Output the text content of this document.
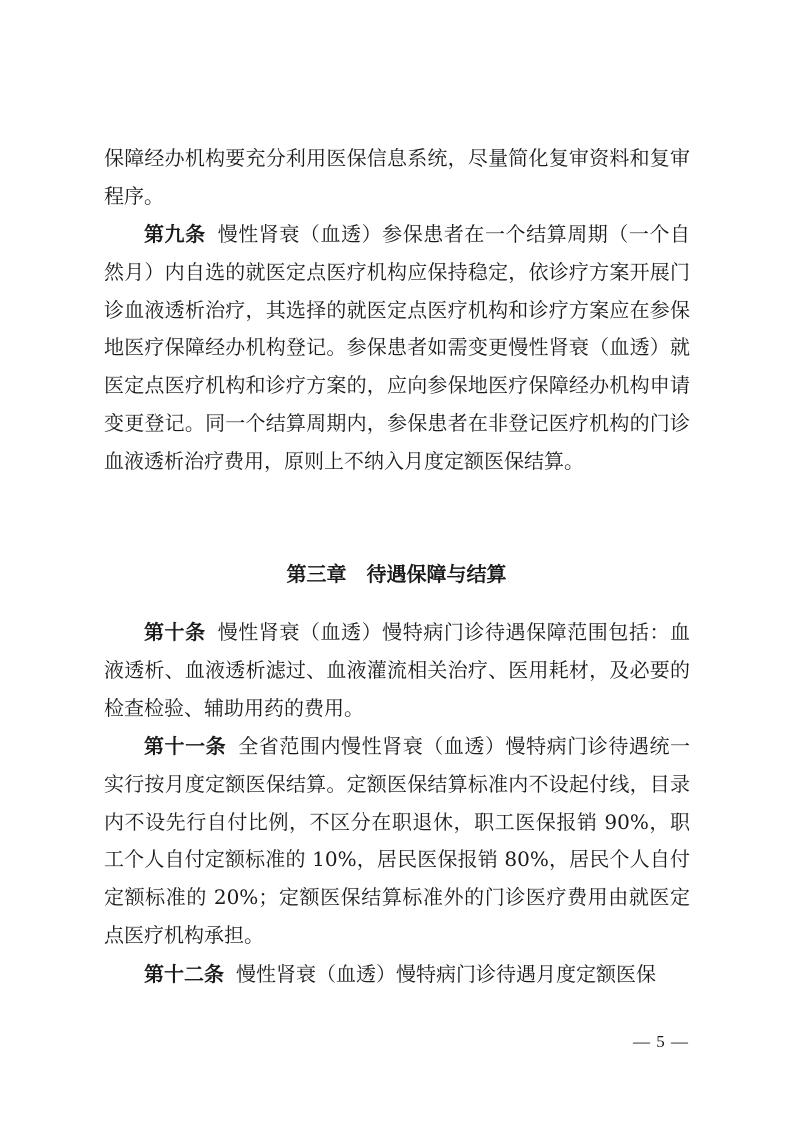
保障经办机构要充分利用医保信息系统，尽量简化复审资料和复审程序。

第九条 慢性肾衰（血透）参保患者在一个结算周期（一个自然月）内自选的就医定点医疗机构应保持稳定，依诊疗方案开展门诊血液透析治疗，其选择的就医定点医疗机构和诊疗方案应在参保地医疗保障经办机构登记。参保患者如需变更慢性肾衰（血透）就医定点医疗机构和诊疗方案的，应向参保地医疗保障经办机构申请变更登记。同一个结算周期内，参保患者在非登记医疗机构的门诊血液透析治疗费用，原则上不纳入月度定额医保结算。

第三章　待遇保障与结算

第十条 慢性肾衰（血透）慢特病门诊待遇保障范围包括：血液透析、血液透析滤过、血液灌流相关治疗、医用耗材，及必要的检查检验、辅助用药的费用。

第十一条 全省范围内慢性肾衰（血透）慢特病门诊待遇统一实行按月度定额医保结算。定额医保结算标准内不设起付线，目录内不设先行自付比例，不区分在职退休，职工医保报销 90%，职工个人自付定额标准的 10%，居民医保报销 80%，居民个人自付定额标准的 20%；定额医保结算标准外的门诊医疗费用由就医定点医疗机构承担。

第十二条 慢性肾衰（血透）慢特病门诊待遇月度定额医保

— 5 —
